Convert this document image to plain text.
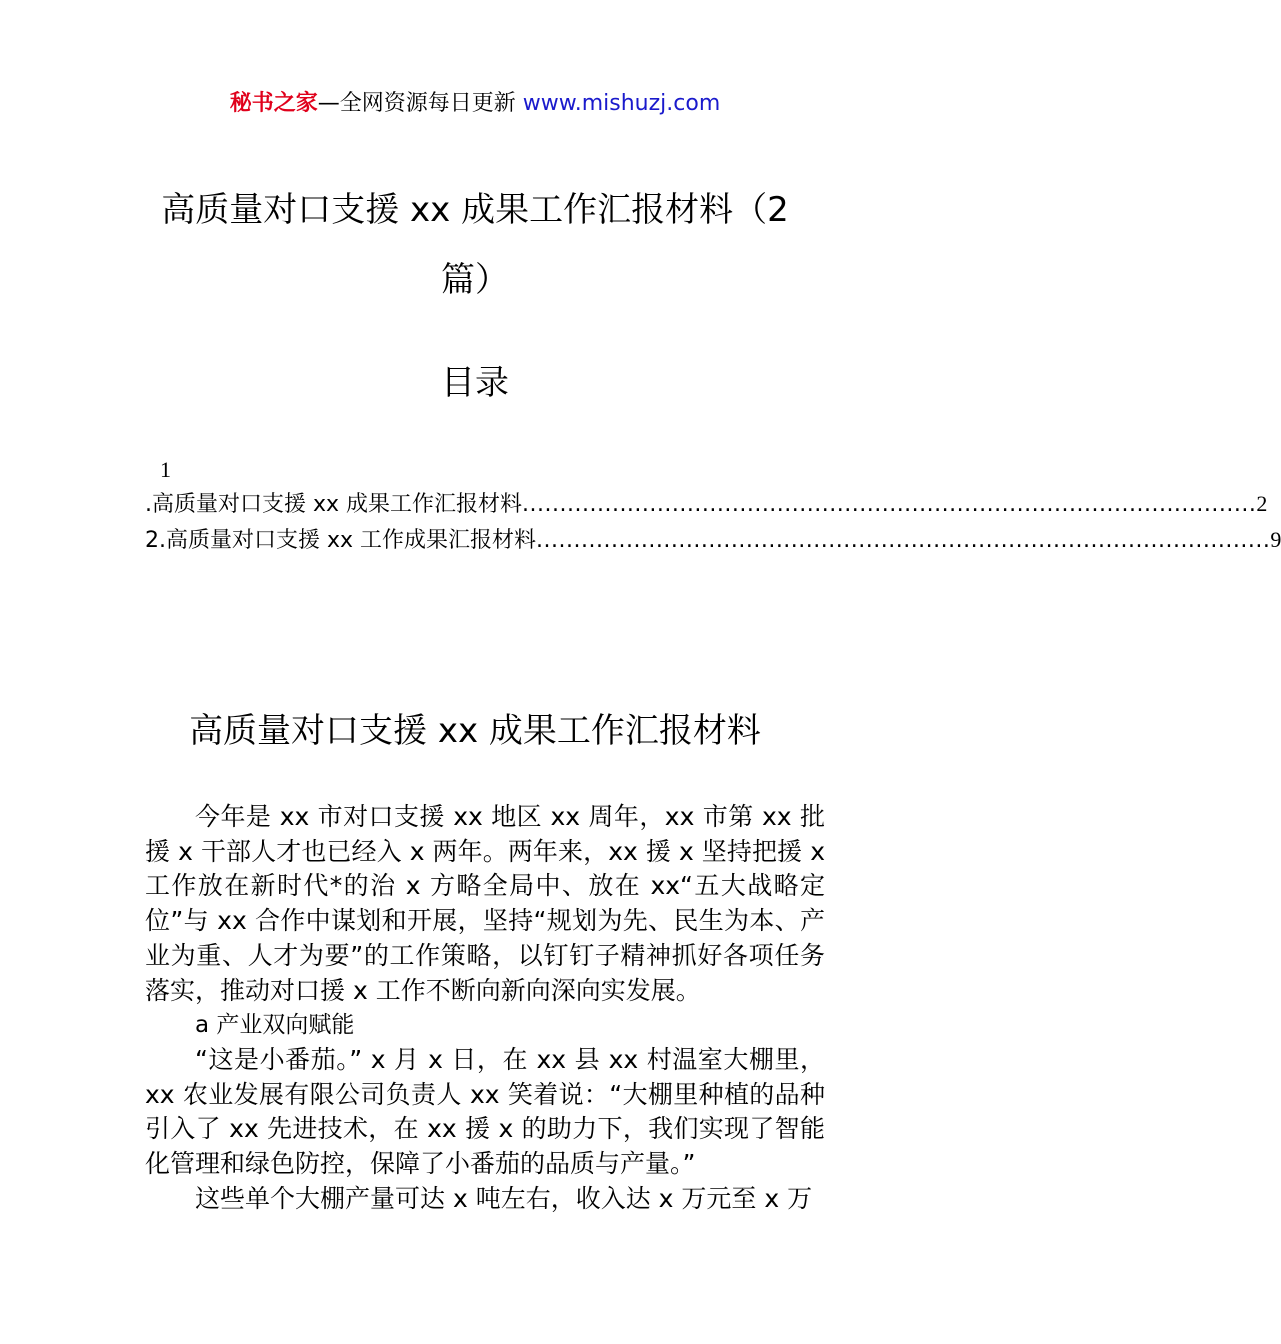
秘书之家—全网资源每日更新 www.mishuzj.com
高质量对口支援 xx 成果工作汇报材料（2
篇）
目录
1
.高质量对口支援 xx 成果工作汇报材料 .................................................................................................. 2
2.高质量对口支援 xx 工作成果汇报材料 .................................................................................................. 9
高质量对口支援 xx 成果工作汇报材料

今年是 xx 市对口支援 xx 地区 xx 周年，xx 市第 xx 批援 x 干部人才也已经入 x 两年。两年来，xx 援 x 坚持把援 x 工作放在新时代*的治 x 方略全局中、放在 xx“五大战略定位”与 xx 合作中谋划和开展，坚持“规划为先、民生为本、产业为重、人才为要”的工作策略，以钉钉子精神抓好各项任务落实，推动对口援 x 工作不断向新向深向实发展。

a 产业双向赋能

“这是小番茄。” x 月 x 日，在 xx 县 xx 村温室大棚里，xx 农业发展有限公司负责人 xx 笑着说：“大棚里种植的品种引入了 xx 先进技术，在 xx 援 x 的助力下，我们实现了智能化管理和绿色防控，保障了小番茄的品质与产量。”

这些单个大棚产量可达 x 吨左右，收入达 x 万元至 x 万
